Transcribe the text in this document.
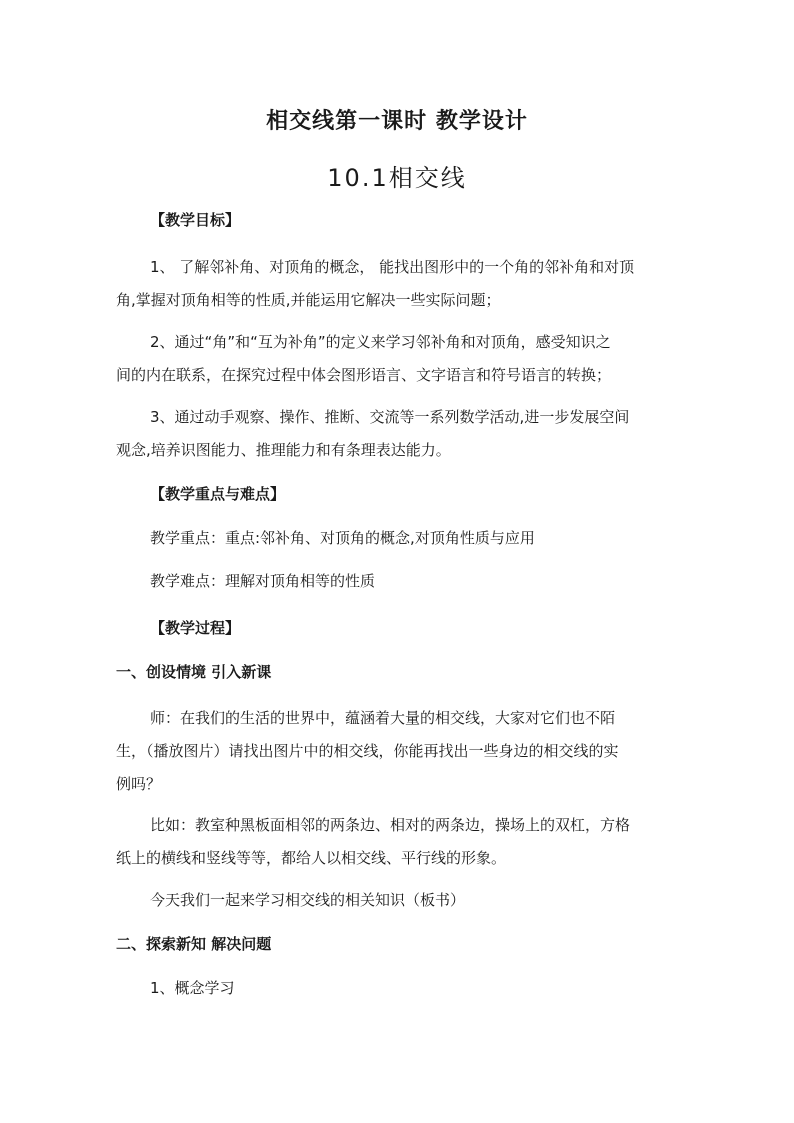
相交线第一课时 教学设计
10.1相交线
【教学目标】
1、 了解邻补角、对顶角的概念， 能找出图形中的一个角的邻补角和对顶
角,掌握对顶角相等的性质,并能运用它解决一些实际问题；
2、通过“角”和“互为补角”的定义来学习邻补角和对顶角，感受知识之
间的内在联系，在探究过程中体会图形语言、文字语言和符号语言的转换；
3、通过动手观察、操作、推断、交流等一系列数学活动,进一步发展空间
观念,培养识图能力、推理能力和有条理表达能力。
【教学重点与难点】
教学重点：重点:邻补角、对顶角的概念,对顶角性质与应用
教学难点：理解对顶角相等的性质
【教学过程】
一、创设情境 引入新课
师：在我们的生活的世界中，蕴涵着大量的相交线，大家对它们也不陌
生，（播放图片）请找出图片中的相交线，你能再找出一些身边的相交线的实
例吗？
比如：教室种黑板面相邻的两条边、相对的两条边，操场上的双杠，方格
纸上的横线和竖线等等，都给人以相交线、平行线的形象。
今天我们一起来学习相交线的相关知识（板书）
二、探索新知 解决问题
1、概念学习
